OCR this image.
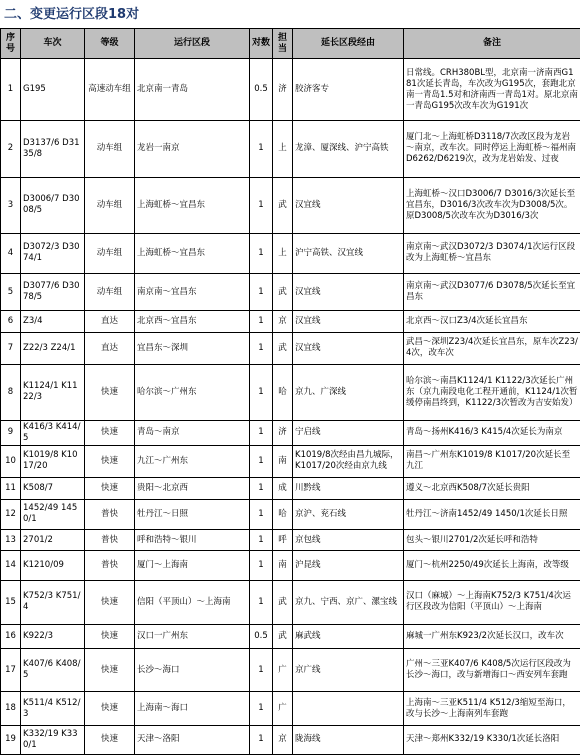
二、变更运行区段18对
序号	车次	等级	运行区段	对数	担当	延长区段经由	备注
1	G195	高速动车组	北京南一青岛	0.5	济	胶济客专	日常线。CRH380BL型，北京南一济南西G181次延长青岛，车次改为G195次，套跑北京南一青岛1.5对和济南西一青岛1对。原北京南一青岛G195次改车次为G191次
2	D3137/6 D3135/8	动车组	龙岩一南京	1	上	龙漳、厦深线、沪宁高铁	厦门北～上海虹桥D3118/7次改区段为龙岩～南京，改车次。同时停运上海虹桥～福州南D6262/D6219次，改为龙岩始发、过夜
3	D3006/7 D3008/5	动车组	上海虹桥～宜昌东	1	武	汉宜线	上海虹桥～汉口D3006/7 D3016/3次延长至宜昌东，D3016/3次改车次为D3008/5次。原D3008/5次改车次为D3016/3次
4	D3072/3 D3074/1	动车组	上海虹桥～宜昌东	1	上	沪宁高铁、汉宜线	南京南～武汉D3072/3 D3074/1次运行区段改为上海虹桥～宜昌东
5	D3077/6 D3078/5	动车组	南京南～宜昌东	1	武	汉宜线	南京南～武汉D3077/6 D3078/5次延长至宜昌东
6	Z3/4	直达	北京西～宜昌东	1	京	汉宜线	北京西～汉口Z3/4次延长宜昌东
7	Z22/3 Z24/1	直达	宜昌东～深圳	1	武	汉宜线	武昌～深圳Z23/4次延长宜昌东，原车次Z23/4次，改车次
8	K1124/1 K1122/3	快速	哈尔滨～广州东	1	哈	京九、广深线	哈尔滨～南昌K1124/1 K1122/3次延长广州东（京九南段电化工程开通前，K1124/1次暂缓停南昌终到，K1122/3次暂改为吉安始发）
9	K416/3 K414/5	快速	青岛～南京	1	济	宁启线	青岛～扬州K416/3 K415/4次延长为南京
10	K1019/8 K1017/20	快速	九江～广州东	1	南	K1019/8次经由昌九城际，K1017/20次经由京九线	南昌～广州东K1019/8 K1017/20次延长至九江
11	K508/7	快速	贵阳～北京西	1	成	川黔线	遵义～北京西K508/7次延长贵阳
12	1452/49 1450/1	普快	牡丹江～日照	1	哈	京沪、兖石线	牡丹江～济南1452/49 1450/1次延长日照
13	2701/2	普快	呼和浩特～银川	1	呼	京包线	包头～银川2701/2次延长呼和浩特
14	K1210/09	普快	厦门～上海南	1	南	沪昆线	厦门～杭州2250/49次延长上海南，改等级
15	K752/3 K751/4	快速	信阳（平顶山）～上海南	1	武	京九、宁西、京广、漯宝线	汉口（麻城）～上海南K752/3 K751/4次运行区段改为信阳（平顶山）～上海南
16	K922/3	快速	汉口一广州东	0.5	武	麻武线	麻城一广州东K923/2次延长汉口，改车次
17	K407/6 K408/5	快速	长沙～海口	1	广	京广线	广州～三亚K407/6 K408/5次运行区段改为长沙～海口，改与新增海口～西安列车套跑
18	K511/4 K512/3	快速	上海南～海口	1	广		上海南～三亚K511/4 K512/3缩短至海口，改与长沙～上海南列车套跑
19	K332/19 K330/1	快速	天津～洛阳	1	京	陇海线	天津～郑州K332/19 K330/1次延长洛阳
